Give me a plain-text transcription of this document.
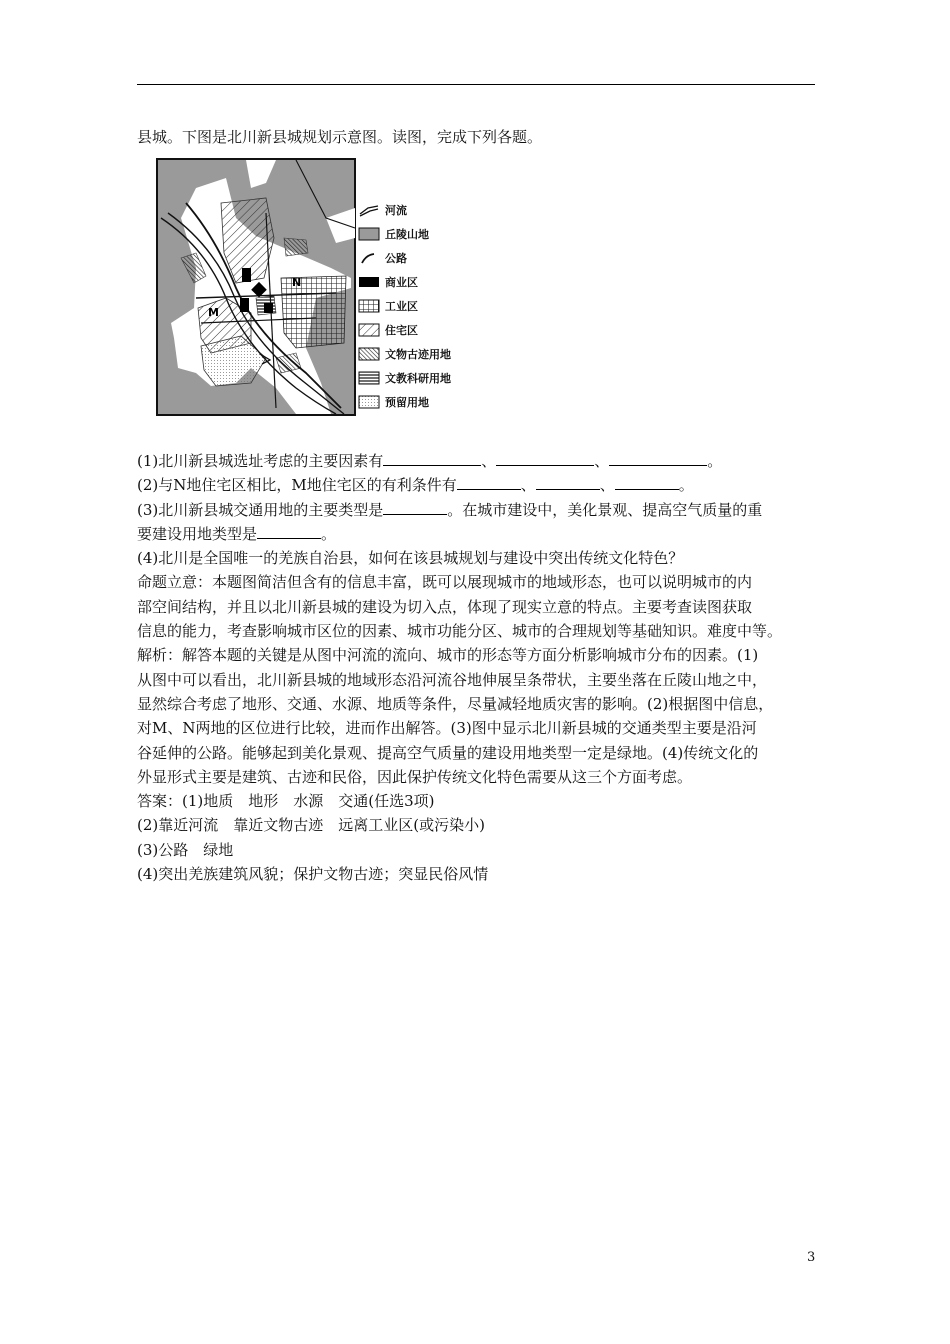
县城。下图是北川新县城规划示意图。读图，完成下列各题。
M
N
河流
丘陵山地
公路
商业区
工业区
住宅区
文物古迹用地
文教科研用地
预留用地

(1)北川新县城选址考虑的主要因素有	、	、	。

(2)与N地住宅区相比，M地住宅区的有利条件有	、	、	。

(3)北川新县城交通用地的主要类型是	。在城市建设中，美化景观、提高空气质量的重

要建设用地类型是	。

(4)北川是全国唯一的羌族自治县，如何在该县城规划与建设中突出传统文化特色？

命题立意：本题图简洁但含有的信息丰富，既可以展现城市的地域形态，也可以说明城市的内

部空间结构，并且以北川新县城的建设为切入点，体现了现实立意的特点。主要考查读图获取

信息的能力，考查影响城市区位的因素、城市功能分区、城市的合理规划等基础知识。难度中等。

解析：解答本题的关键是从图中河流的流向、城市的形态等方面分析影响城市分布的因素。(1)

从图中可以看出，北川新县城的地域形态沿河流谷地伸展呈条带状，主要坐落在丘陵山地之中，

显然综合考虑了地形、交通、水源、地质等条件，尽量减轻地质灾害的影响。(2)根据图中信息，

对M、N两地的区位进行比较，进而作出解答。(3)图中显示北川新县城的交通类型主要是沿河

谷延伸的公路。能够起到美化景观、提高空气质量的建设用地类型一定是绿地。(4)传统文化的

外显形式主要是建筑、古迹和民俗，因此保护传统文化特色需要从这三个方面考虑。

答案：(1)地质　地形　水源　交通(任选3项)

(2)靠近河流　靠近文物古迹　远离工业区(或污染小)

(3)公路　绿地

(4)突出羌族建筑风貌；保护文物古迹；突显民俗风情

3
